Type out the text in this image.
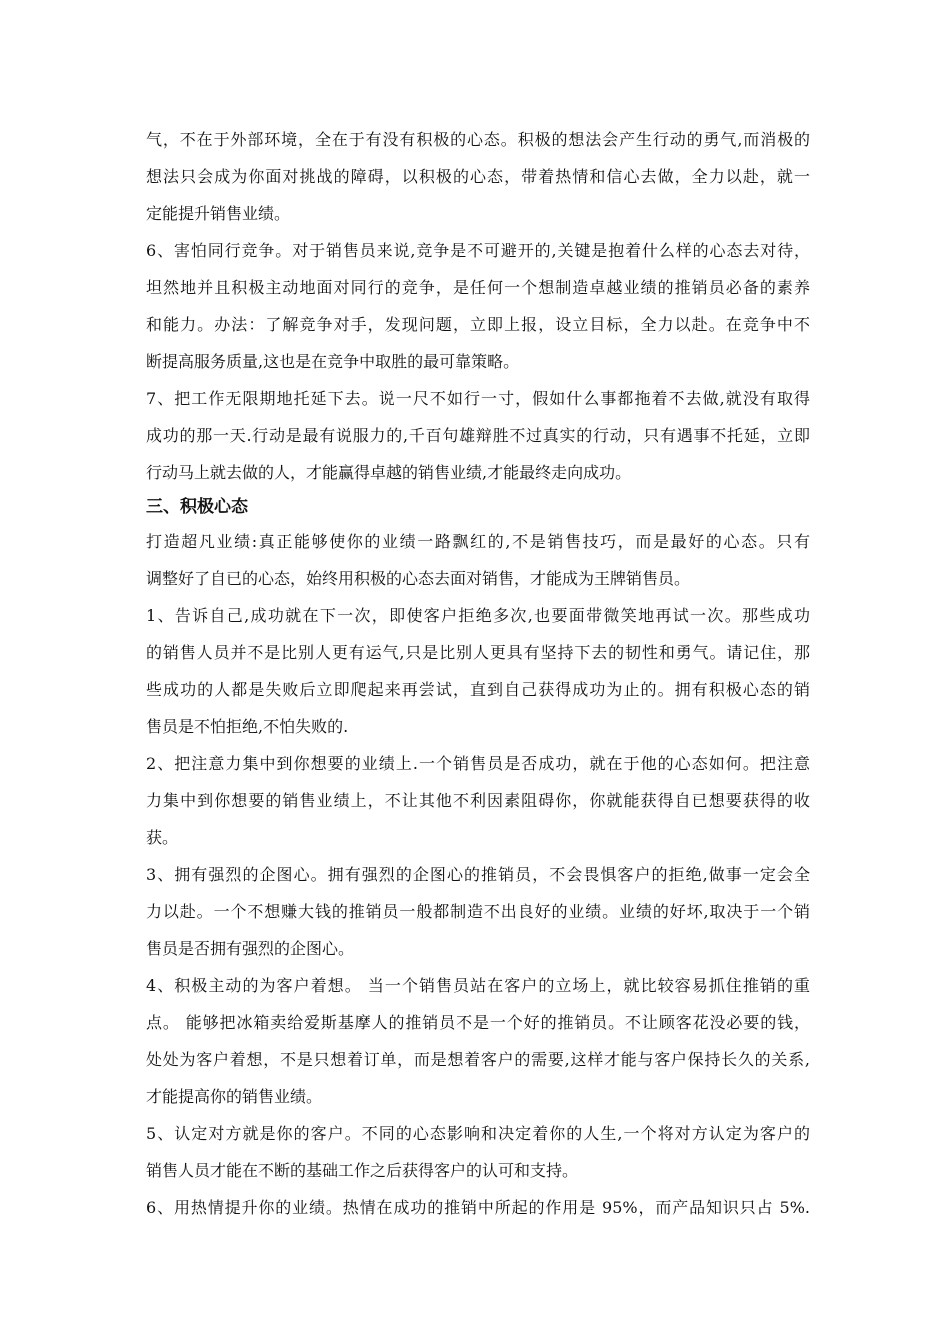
气，不在于外部环境，全在于有没有积极的心态。积极的想法会产生行动的勇气,而消极的
想法只会成为你面对挑战的障碍，以积极的心态，带着热情和信心去做，全力以赴，就一
定能提升销售业绩。
6、害怕同行竞争。对于销售员来说,竞争是不可避开的,关键是抱着什么样的心态去对待，
坦然地并且积极主动地面对同行的竞争，是任何一个想制造卓越业绩的推销员必备的素养
和能力。办法：了解竞争对手，发现问题，立即上报，设立目标，全力以赴。在竞争中不
断提高服务质量,这也是在竞争中取胜的最可靠策略。
7、把工作无限期地托延下去。说一尺不如行一寸，假如什么事都拖着不去做,就没有取得
成功的那一天.行动是最有说服力的,千百句雄辩胜不过真实的行动，只有遇事不托延，立即
行动马上就去做的人，才能赢得卓越的销售业绩,才能最终走向成功。
三、积极心态
打造超凡业绩:真正能够使你的业绩一路飘红的,不是销售技巧，而是最好的心态。只有
调整好了自已的心态，始终用积极的心态去面对销售，才能成为王牌销售员。
1、告诉自己,成功就在下一次，即使客户拒绝多次,也要面带微笑地再试一次。那些成功
的销售人员并不是比别人更有运气,只是比别人更具有坚持下去的韧性和勇气。请记住，那
些成功的人都是失败后立即爬起来再尝试，直到自己获得成功为止的。拥有积极心态的销
售员是不怕拒绝,不怕失败的.
2、把注意力集中到你想要的业绩上.一个销售员是否成功，就在于他的心态如何。把注意
力集中到你想要的销售业绩上，不让其他不利因素阻碍你，你就能获得自已想要获得的收
获。
3、拥有强烈的企图心。拥有强烈的企图心的推销员，不会畏惧客户的拒绝,做事一定会全
力以赴。一个不想赚大钱的推销员一般都制造不出良好的业绩。业绩的好坏,取决于一个销
售员是否拥有强烈的企图心。
4、积极主动的为客户着想。 当一个销售员站在客户的立场上，就比较容易抓住推销的重
点。 能够把冰箱卖给爱斯基摩人的推销员不是一个好的推销员。不让顾客花没必要的钱，
处处为客户着想，不是只想着订单，而是想着客户的需要,这样才能与客户保持长久的关系,
才能提高你的销售业绩。
5、认定对方就是你的客户。不同的心态影响和决定着你的人生,一个将对方认定为客户的
销售人员才能在不断的基础工作之后获得客户的认可和支持。
6、用热情提升你的业绩。热情在成功的推销中所起的作用是 95%，而产品知识只占 5%.
